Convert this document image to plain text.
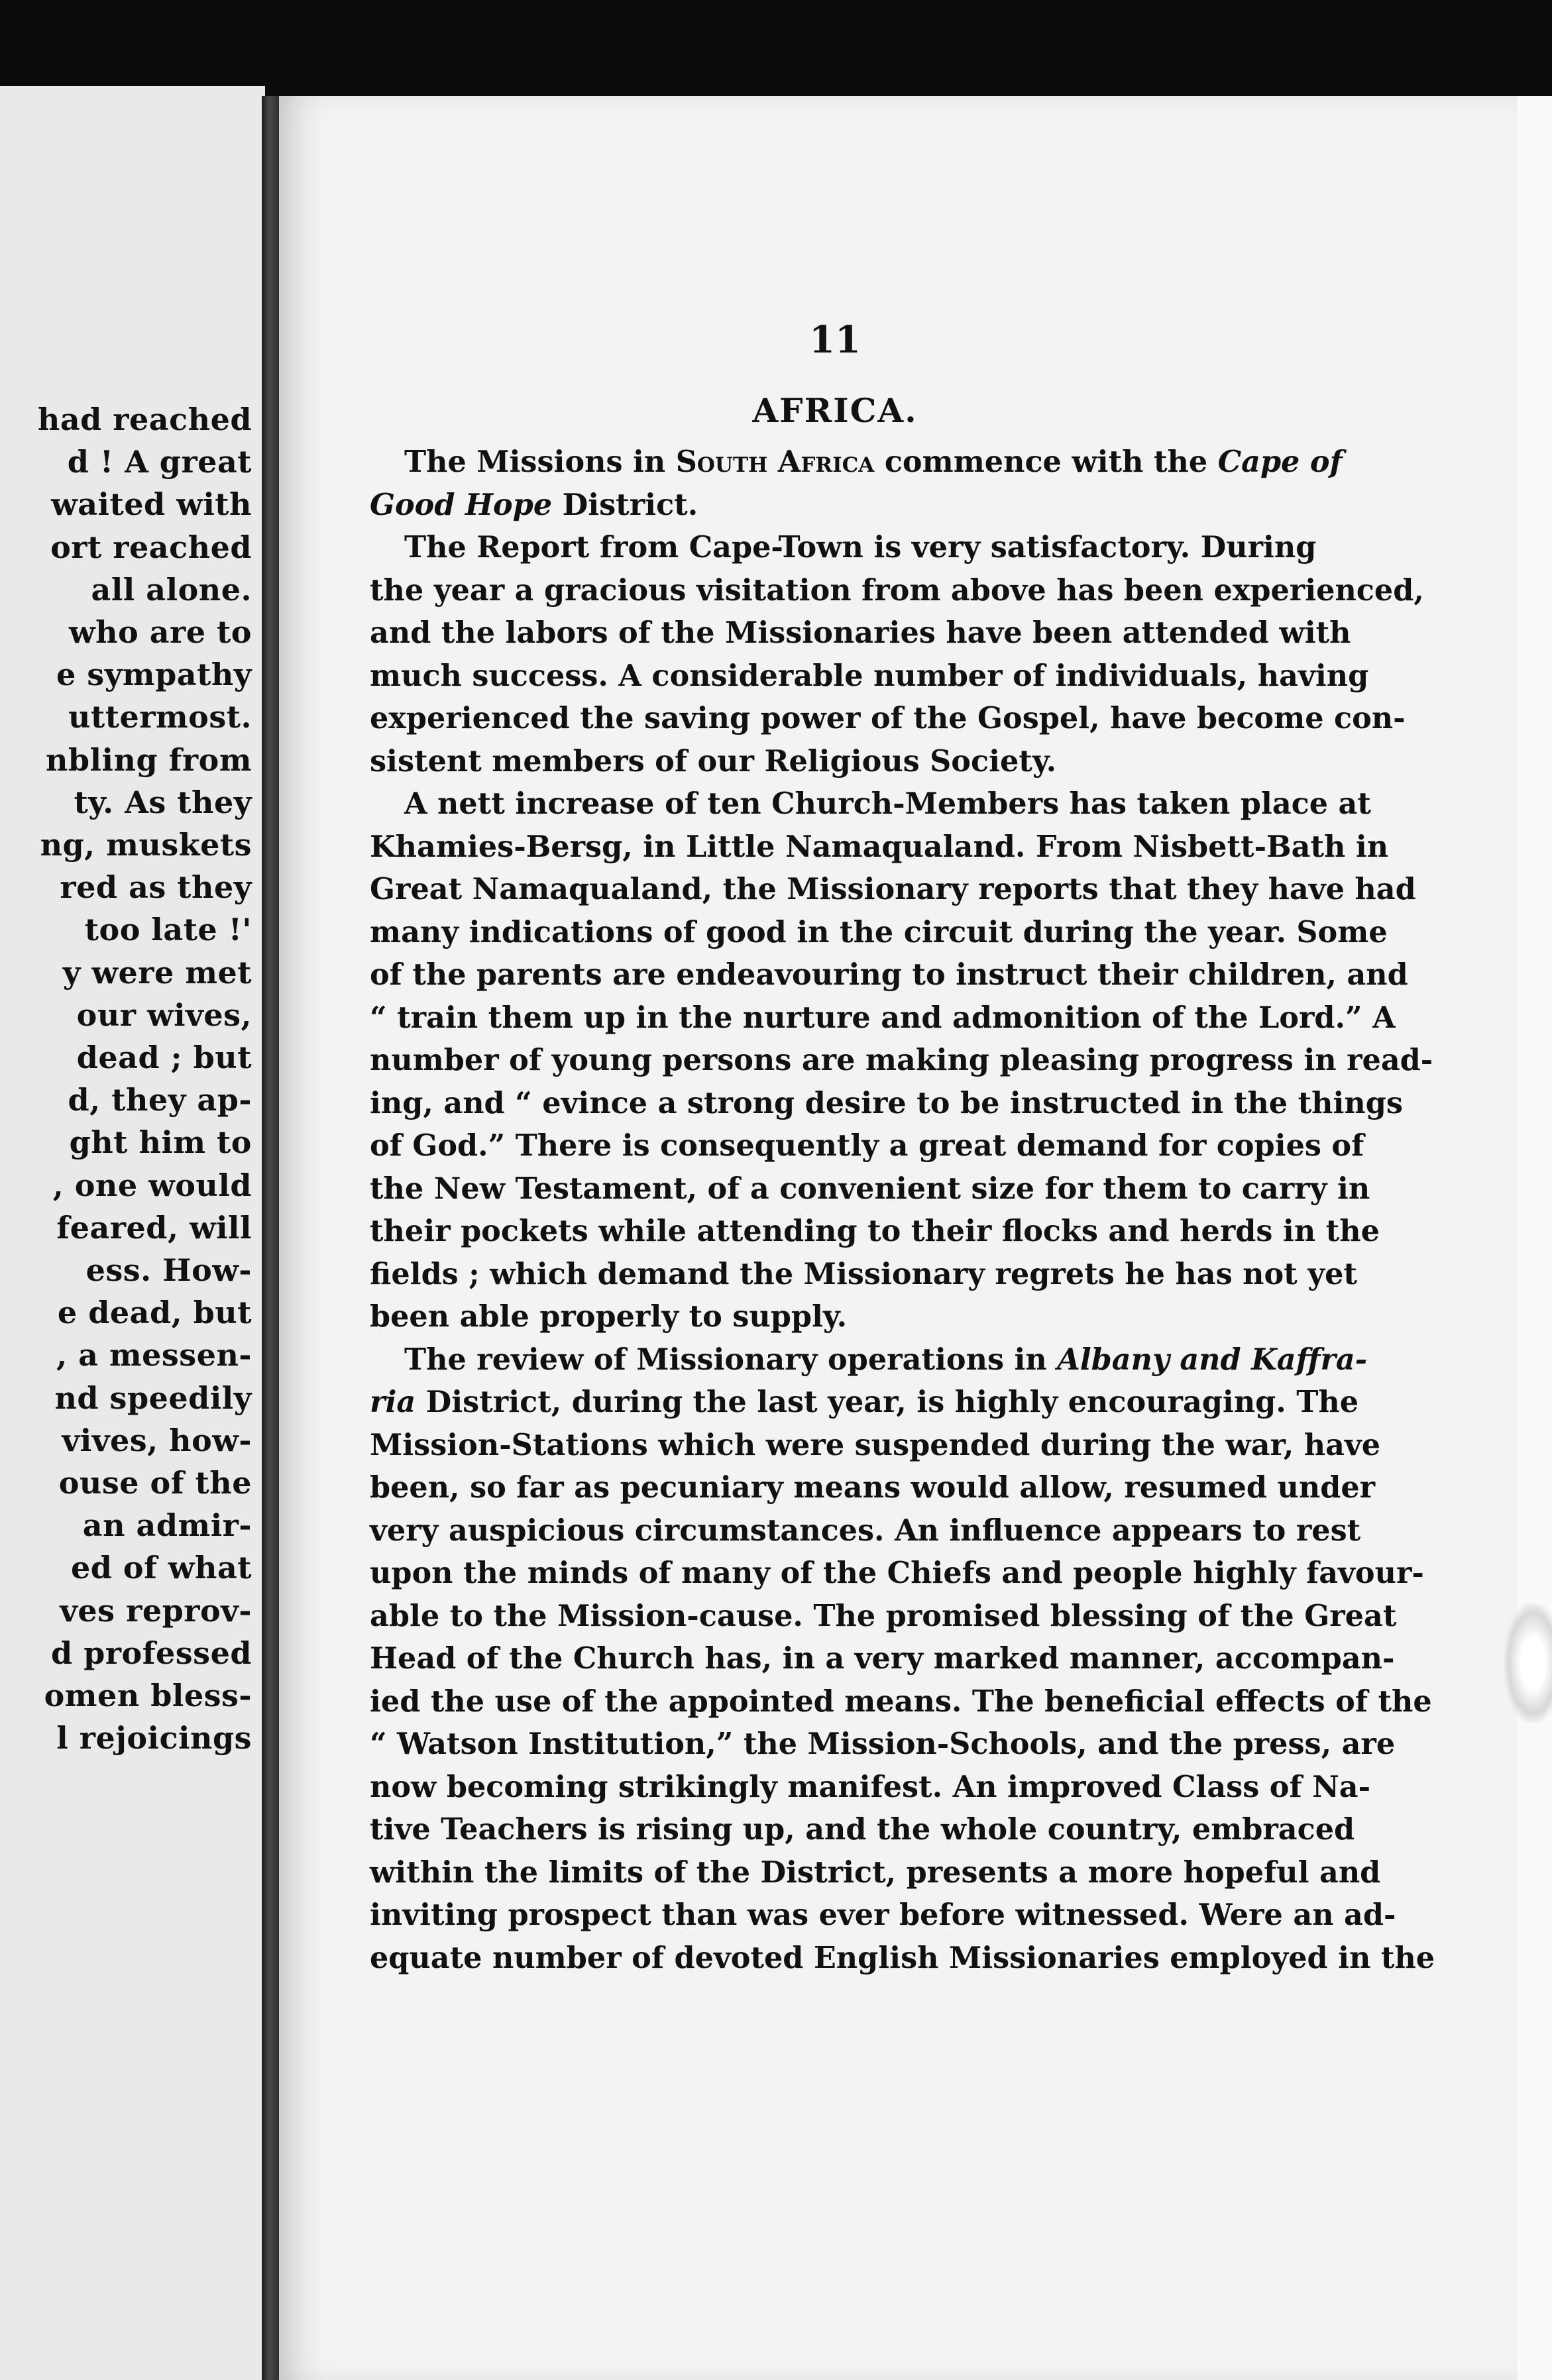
had reached
d ! A great
waited with
ort reached
all alone.
who are to
e sympathy
uttermost.
nbling from
ty. As they
ng, muskets
red as they
too late !'
y were met
our wives,
dead ; but
d, they ap-
ght him to
, one would
feared, will
ess. How-
e dead, but
, a messen-
nd speedily
vives, how-
ouse of the
an admir-
ed of what
ves reprov-
d professed
omen bless-
l rejoicings
11
AFRICA.
The Missions in South Africa commence with the Cape of
Good Hope District.
The Report from Cape-Town is very satisfactory. During
the year a gracious visitation from above has been experienced,
and the labors of the Missionaries have been attended with
much success. A considerable number of individuals, having
experienced the saving power of the Gospel, have become con-
sistent members of our Religious Society.
A nett increase of ten Church-Members has taken place at
Khamies-Bersg, in Little Namaqualand. From Nisbett-Bath in
Great Namaqualand, the Missionary reports that they have had
many indications of good in the circuit during the year. Some
of the parents are endeavouring to instruct their children, and
“ train them up in the nurture and admonition of the Lord.” A
number of young persons are making pleasing progress in read-
ing, and “ evince a strong desire to be instructed in the things
of God.” There is consequently a great demand for copies of
the New Testament, of a convenient size for them to carry in
their pockets while attending to their flocks and herds in the
fields ; which demand the Missionary regrets he has not yet
been able properly to supply.
The review of Missionary operations in Albany and Kaffra-
ria District, during the last year, is highly encouraging. The
Mission-Stations which were suspended during the war, have
been, so far as pecuniary means would allow, resumed under
very auspicious circumstances. An influence appears to rest
upon the minds of many of the Chiefs and people highly favour-
able to the Mission-cause. The promised blessing of the Great
Head of the Church has, in a very marked manner, accompan-
ied the use of the appointed means. The beneficial effects of the
“ Watson Institution,” the Mission-Schools, and the press, are
now becoming strikingly manifest. An improved Class of Na-
tive Teachers is rising up, and the whole country, embraced
within the limits of the District, presents a more hopeful and
inviting prospect than was ever before witnessed. Were an ad-
equate number of devoted English Missionaries employed in the
